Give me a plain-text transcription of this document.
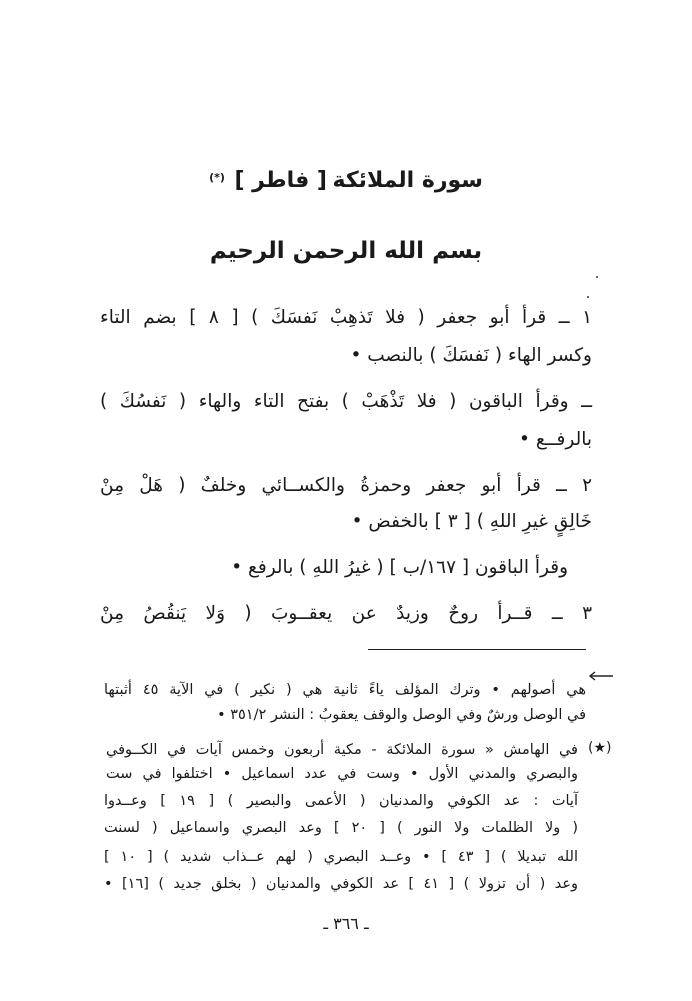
سورة الملائكة [ فاطر ] (*)
بسم الله الرحمن الرحيم
١ ــ قرأ أبو جعفر ( فلا تَذهِبْ نَفسَكَ ) [ ٨ ] بضم التاء
وكسر الهاء ( نَفسَكَ ) بالنصب •
ــ وقرأ الباقون ( فلا تَذْهَبْ ) بفتح التاء والهاء ( نَفسُكَ )
بالرفــع •
٢ ــ قرأ أبو جعفر وحمزةُ والكســائي وخلفٌ ( هَلْ مِنْ
خَالِقٍ غيرِ اللهِ ) [ ٣ ] بالخفض •
وقرأ الباقون [ ١٦٧/ب ] ( غيرُ اللهِ ) بالرفع •
٣ ــ قــرأ روحٌ وزيدٌ عن يعقــوبَ ( وَلا يَنقُصُ مِنْ
هي أصولهم • وترك المؤلف ياءً ثانية هي ( نكير ) في الآية ٤٥ أثبتها
في الوصل ورشٌ وفي الوصل والوقف يعقوبُ : النشر ٣٥١/٢ •
(★)
في الهامش « سورة الملائكة - مكية أربعون وخمس آيات في الكــوفي
والبصري والمدني الأول • وست في عدد اسماعيل • اختلفوا في ست
آيات : عد الكوفي والمدنيان ( الأعمى والبصير ) [ ١٩ ] وعــدوا
( ولا الظلمات ولا النور ) [ ٢٠ ] وعد البصري واسماعيل ( لسنت
الله تبديلا ) [ ٤٣ ] • وعــد البصري ( لهم عــذاب شديد ) [ ١٠ ]
وعد ( أن تزولا ) [ ٤١ ] عد الكوفي والمدنيان ( بخلق جديد ) [١٦] •
ـ ٣٦٦ ـ
